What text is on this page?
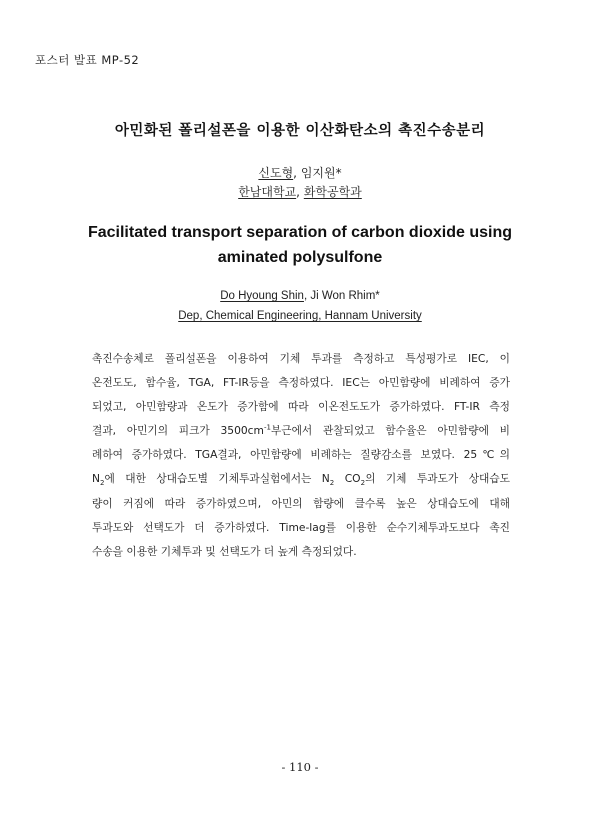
포스터 발표 MP-52
아민화된 폴리설폰을 이용한 이산화탄소의 촉진수송분리
신도형, 임지원*
한남대학교, 화학공학과
Facilitated transport separation of carbon dioxide using
aminated polysulfone
Do Hyoung Shin, Ji Won Rhim*
Dep, Chemical Engineering, Hannam University
촉진수송체로 폴리설폰을 이용하여 기체 투과를 측정하고 특성평가로 IEC, 이
온전도도, 함수율, TGA, FT-IR등을 측정하였다. IEC는 아민함량에 비례하여 증가
되었고, 아민함량과 온도가 증가함에 따라 이온전도도가 증가하였다. FT-IR 측정
결과, 아민기의 피크가 $3500cm^{-1}$부근에서 관찰되었고 함수율은 아민함량에 비
례하여 증가하였다. TGA결과, 아민함량에 비례하는 질량감소를 보였다. 25℃의
$N_2$에 대한 상대습도별 기체투과실험에서는 $N_2$ $CO_2$의 기체 투과도가 상대습도
량이 커짐에 따라 증가하였으며, 아민의 함량에 클수록 높은 상대습도에 대해
투과도와 선택도가 더 증가하였다. Time-lag를 이용한 순수기체투과도보다 촉진
수송을 이용한 기체투과 및 선택도가 더 높게 측정되었다.
- 110 -
